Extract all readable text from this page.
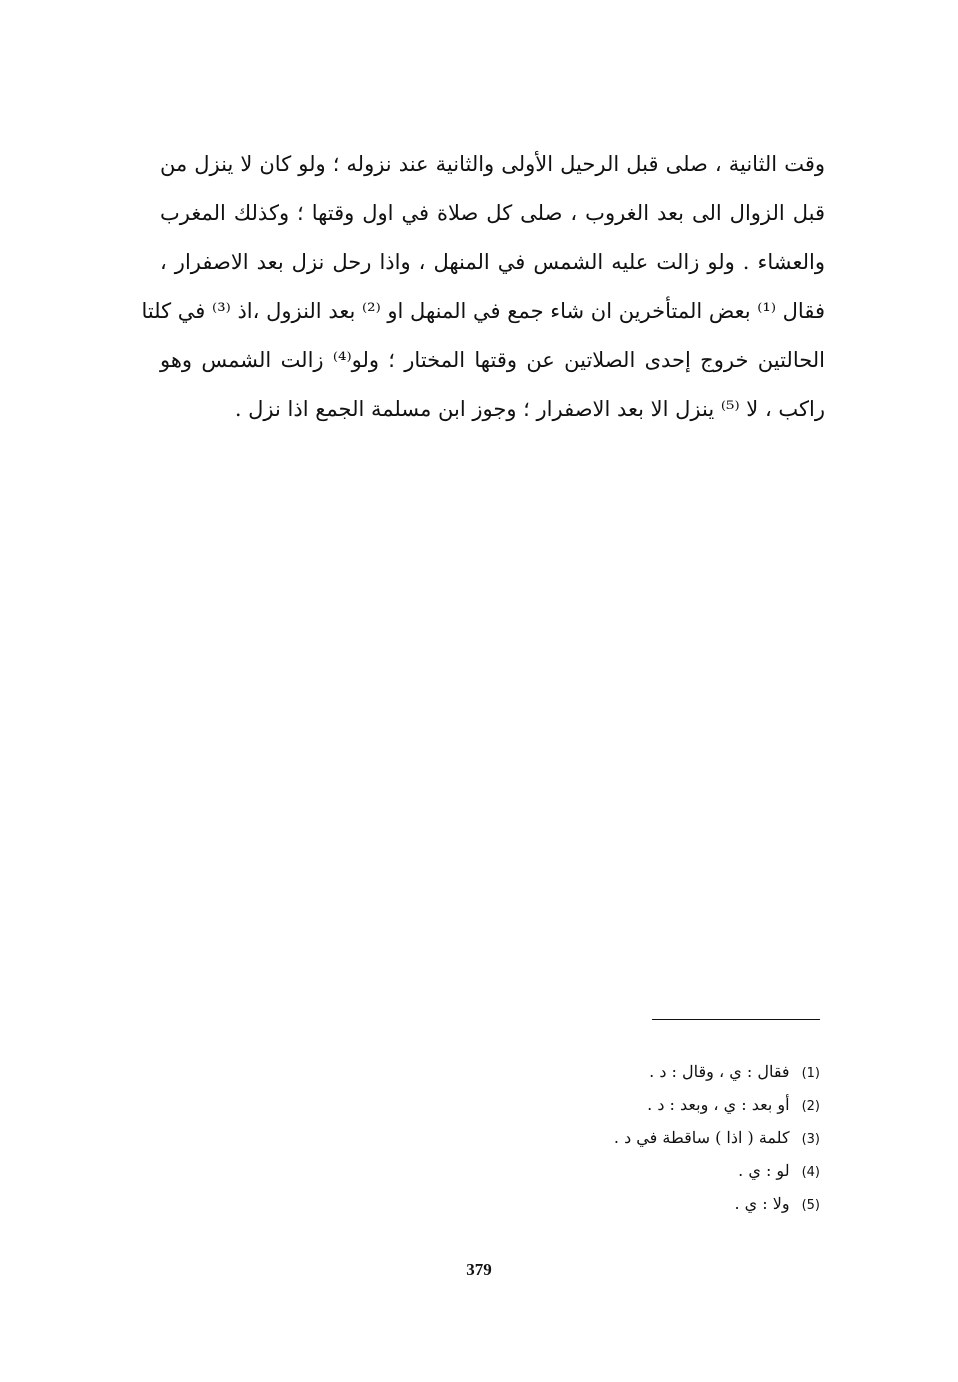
وقت الثانية ، صلى قبل الرحيل الأولى والثانية عند نزوله ؛ ولو كان لا ينزل من
قبل الزوال الى بعد الغروب ، صلى كل صلاة في اول وقتها ؛ وكذلك المغرب
والعشاء . ولو زالت عليه الشمس في المنهل ، واذا رحل نزل بعد الاصفرار ،
فقال ⁽¹⁾ بعض المتأخرين ان شاء جمع في المنهل او ⁽²⁾ بعد النزول ،اذ ⁽³⁾ في كلتا
الحالتين خروج إحدى الصلاتين عن وقتها المختار ؛ ولو⁽⁴⁾ زالت الشمس وهو
راكب ، لا ⁽⁵⁾ ينزل الا بعد الاصفرار ؛ وجوز ابن مسلمة الجمع اذا نزل .
(1)فقال : ي ، وقال : د .
(2)أو بعد : ي ، وبعد : د .
(3)كلمة ( اذا ) ساقطة في د .
(4)لو : ي .
(5)ولا : ي .
379
